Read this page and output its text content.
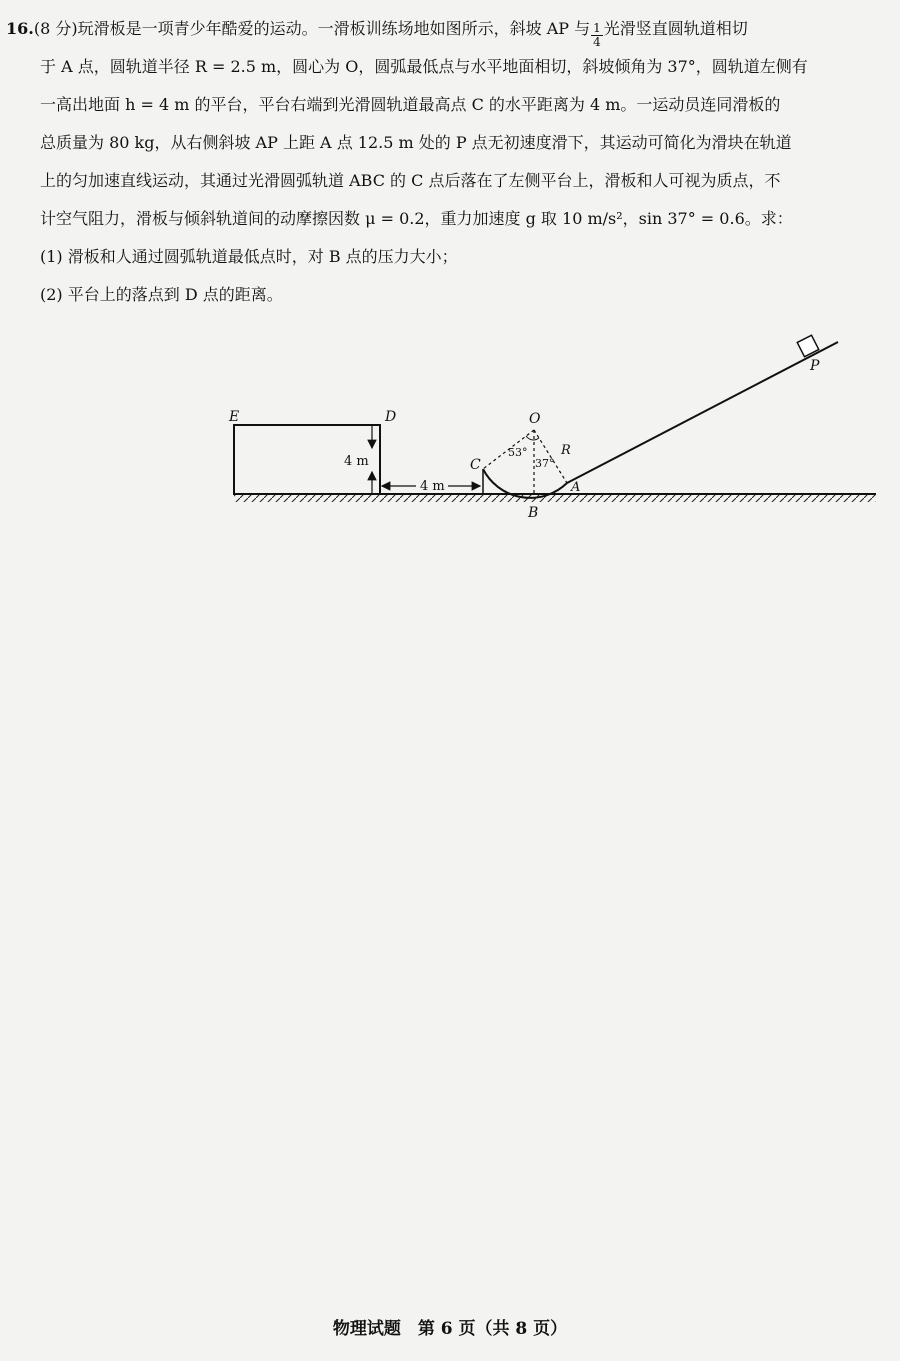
16.(8 分)玩滑板是一项青少年酷爱的运动。一滑板训练场地如图所示，斜坡 AP 与 $\frac{1}{4}$ 光滑竖直圆轨道相切
于 A 点，圆轨道半径 R = 2.5 m，圆心为 O，圆弧最低点与水平地面相切，斜坡倾角为 37°，圆轨道左侧有
一高出地面 h = 4 m 的平台，平台右端到光滑圆轨道最高点 C 的水平距离为 4 m。一运动员连同滑板的
总质量为 80 kg，从右侧斜坡 AP 上距 A 点 12.5 m 处的 P 点无初速度滑下，其运动可简化为滑块在轨道
上的匀加速直线运动，其通过光滑圆弧轨道 ABC 的 C 点后落在了左侧平台上，滑板和人可视为质点，不
计空气阻力，滑板与倾斜轨道间的动摩擦因数 μ = 0.2，重力加速度 g 取 10 m/s²，sin 37° = 0.6。求：
(1) 滑板和人通过圆弧轨道最低点时，对 B 点的压力大小；
(2) 平台上的落点到 D 点的距离。
E	D
4 m
4 m
O
C
R
A
B
53°
37°
P
物理试题　第 6 页（共 8 页）
